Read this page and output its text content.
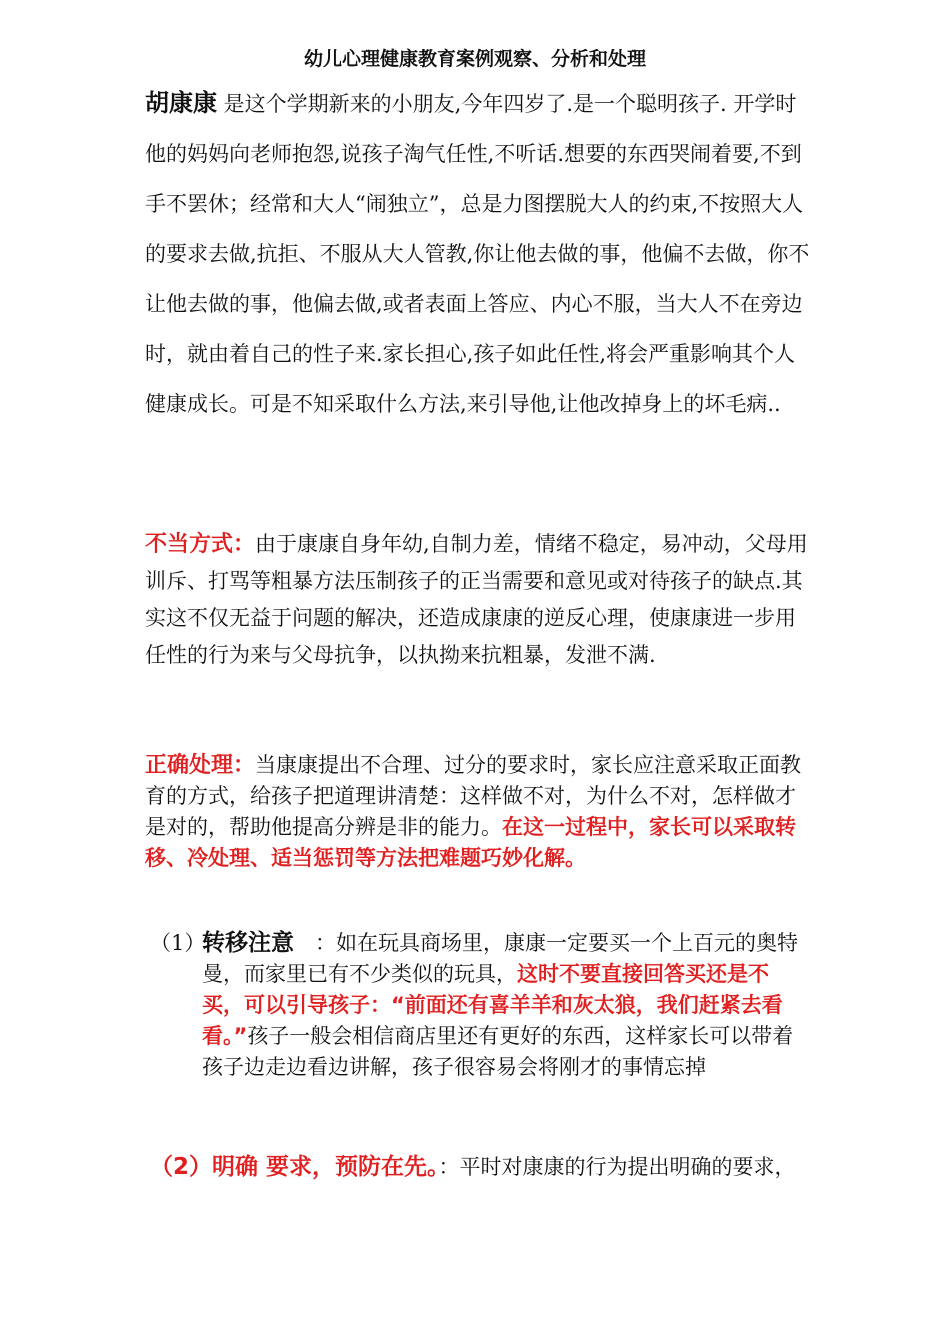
幼儿心理健康教育案例观察、分析和处理
胡康康 是这个学期新来的小朋友,今年四岁了.是一个聪明孩子. 开学时他的妈妈向老师抱怨,说孩子淘气任性,不听话.想要的东西哭闹着要,不到手不罢休；经常和大人“闹独立”，总是力图摆脱大人的约束,不按照大人的要求去做,抗拒、不服从大人管教,你让他去做的事，他偏不去做，你不让他去做的事，他偏去做,或者表面上答应、内心不服，当大人不在旁边时，就由着自己的性子来.家长担心,孩子如此任性,将会严重影响其个人健康成长。可是不知采取什么方法,来引导他,让他改掉身上的坏毛病..
不当方式：由于康康自身年幼,自制力差，情绪不稳定，易冲动，父母用训斥、打骂等粗暴方法压制孩子的正当需要和意见或对待孩子的缺点.其实这不仅无益于问题的解决，还造成康康的逆反心理，使康康进一步用任性的行为来与父母抗争，以执拗来抗粗暴，发泄不满.
正确处理：当康康提出不合理、过分的要求时，家长应注意采取正面教育的方式，给孩子把道理讲清楚：这样做不对，为什么不对，怎样做才是对的，帮助他提高分辨是非的能力。在这一过程中，家长可以采取转移、冷处理、适当惩罚等方法把难题巧妙化解。
（1）
转移注意　：如在玩具商场里，康康一定要买一个上百元的奥特曼，而家里已有不少类似的玩具，这时不要直接回答买还是不买，可以引导孩子：“前面还有喜羊羊和灰太狼，我们赶紧去看看。”孩子一般会相信商店里还有更好的东西，这样家长可以带着孩子边走边看边讲解，孩子很容易会将刚才的事情忘掉
（2）明确 要求，预防在先。：平时对康康的行为提出明确的要求，
